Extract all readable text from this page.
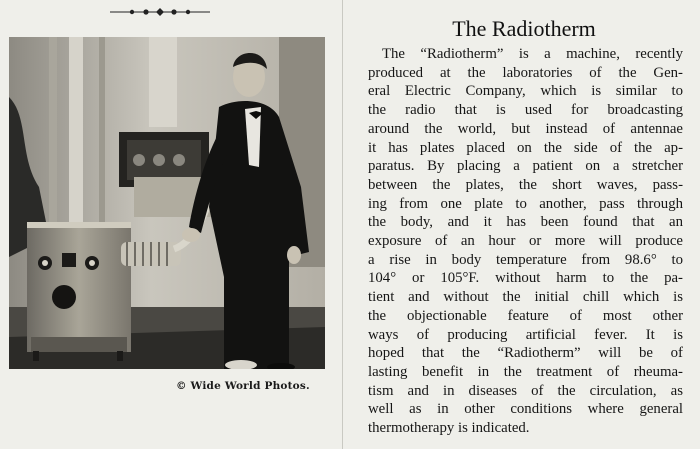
© Wide World Photos.
The Radiotherm
The “Radiotherm” is a machine, recently
produced at the laboratories of the Gen-
eral Electric Company, which is similar to
the radio that is used for broadcasting
around the world, but instead of antennae
it has plates placed on the side of the ap-
paratus. By placing a patient on a stretcher
between the plates, the short waves, pass-
ing from one plate to another, pass through
the body, and it has been found that an
exposure of an hour or more will produce
a rise in body temperature from 98.6° to
104° or 105°F. without harm to the pa-
tient and without the initial chill which is
the objectionable feature of most other
ways of producing artificial fever. It is
hoped that the “Radiotherm” will be of
lasting benefit in the treatment of rheuma-
tism and in diseases of the circulation, as
well as in other conditions where general
thermotherapy is indicated.
